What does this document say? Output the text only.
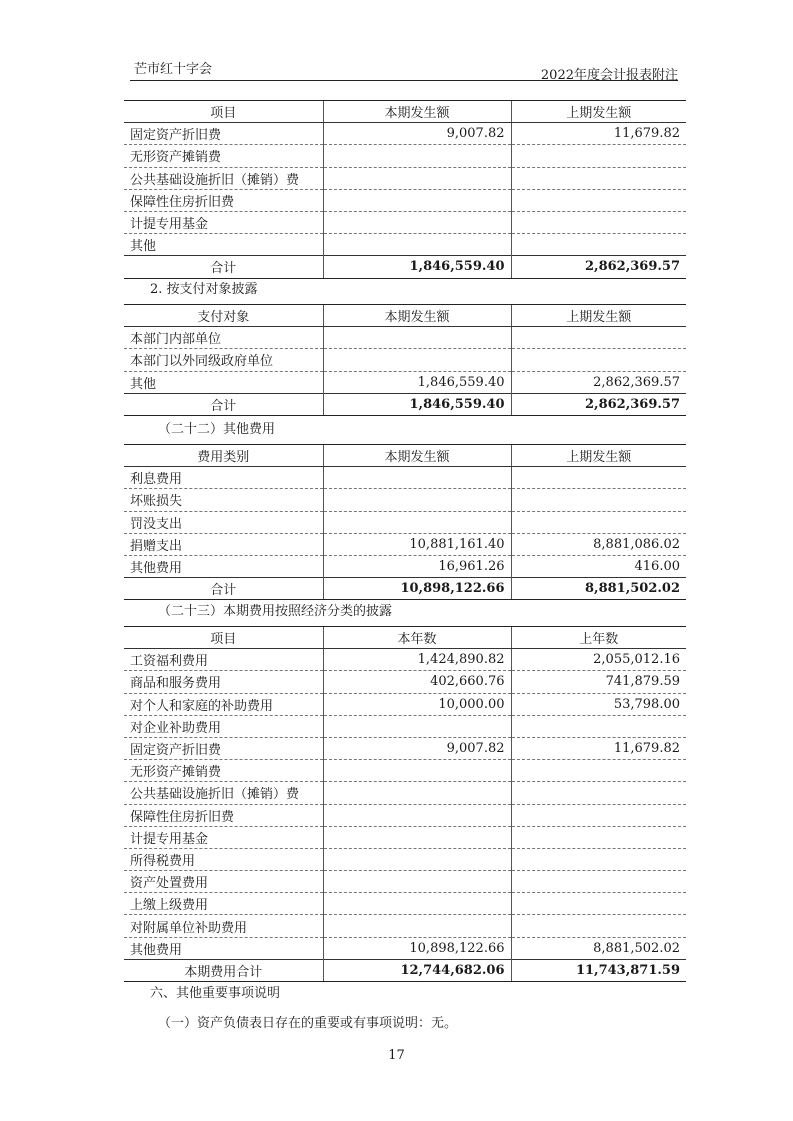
芒市红十字会	2022年度会计报表附注
项目	本期发生额	上期发生额
固定资产折旧费	9,007.82	11,679.82
无形资产摊销费		
公共基础设施折旧（摊销）费		
保障性住房折旧费		
计提专用基金		
其他		
合计	1,846,559.40	2,862,369.57
2. 按支付对象披露
支付对象	本期发生额	上期发生额
本部门内部单位		
本部门以外同级政府单位		
其他	1,846,559.40	2,862,369.57
合计	1,846,559.40	2,862,369.57
（二十二）其他费用
费用类别	本期发生额	上期发生额
利息费用		
坏账损失		
罚没支出		
捐赠支出	10,881,161.40	8,881,086.02
其他费用	16,961.26	416.00
合计	10,898,122.66	8,881,502.02
（二十三）本期费用按照经济分类的披露
项目	本年数	上年数
工资福利费用	1,424,890.82	2,055,012.16
商品和服务费用	402,660.76	741,879.59
对个人和家庭的补助费用	10,000.00	53,798.00
对企业补助费用		
固定资产折旧费	9,007.82	11,679.82
无形资产摊销费		
公共基础设施折旧（摊销）费		
保障性住房折旧费		
计提专用基金		
所得税费用		
资产处置费用		
上缴上级费用		
对附属单位补助费用		
其他费用	10,898,122.66	8,881,502.02
本期费用合计	12,744,682.06	11,743,871.59
六、其他重要事项说明
（一）资产负债表日存在的重要或有事项说明：无。
17
